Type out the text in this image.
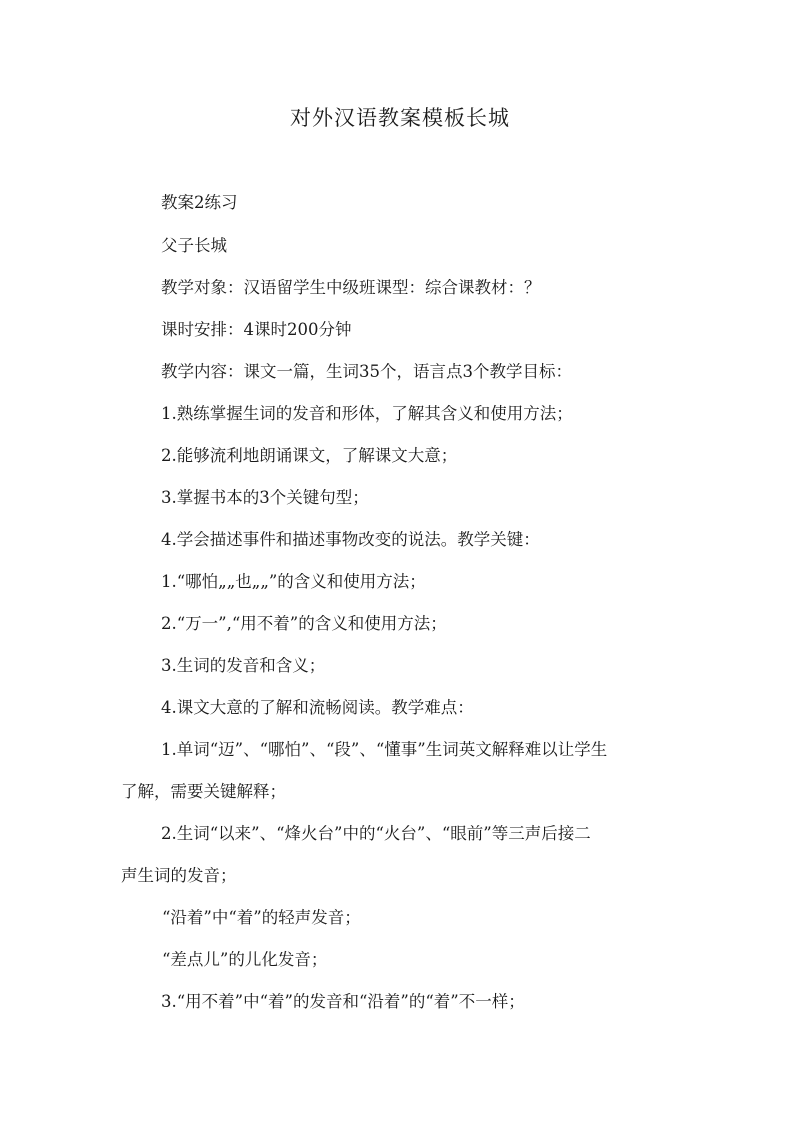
对外汉语教案模板长城
教案2练习
父子长城
教学对象：汉语留学生中级班课型：综合课教材：？
课时安排：4课时200分钟
教学内容：课文一篇，生词35个，语言点3个教学目标：
1.熟练掌握生词的发音和形体，了解其含义和使用方法；
2.能够流利地朗诵课文，了解课文大意；
3.掌握书本的3个关键句型；
4.学会描述事件和描述事物改变的说法。教学关键：
1.“哪怕„„也„„”的含义和使用方法；
2.“万一”,“用不着”的含义和使用方法；
3.生词的发音和含义；
4.课文大意的了解和流畅阅读。教学难点：
1.单词“迈”、“哪怕”、“段”、“懂事”生词英文解释难以让学生
了解，需要关键解释；
2.生词“以来”、“烽火台”中的“火台”、“眼前”等三声后接二
声生词的发音；
“沿着”中“着”的轻声发音；
“差点儿”的儿化发音；
3.“用不着”中“着”的发音和“沿着”的“着”不一样；
